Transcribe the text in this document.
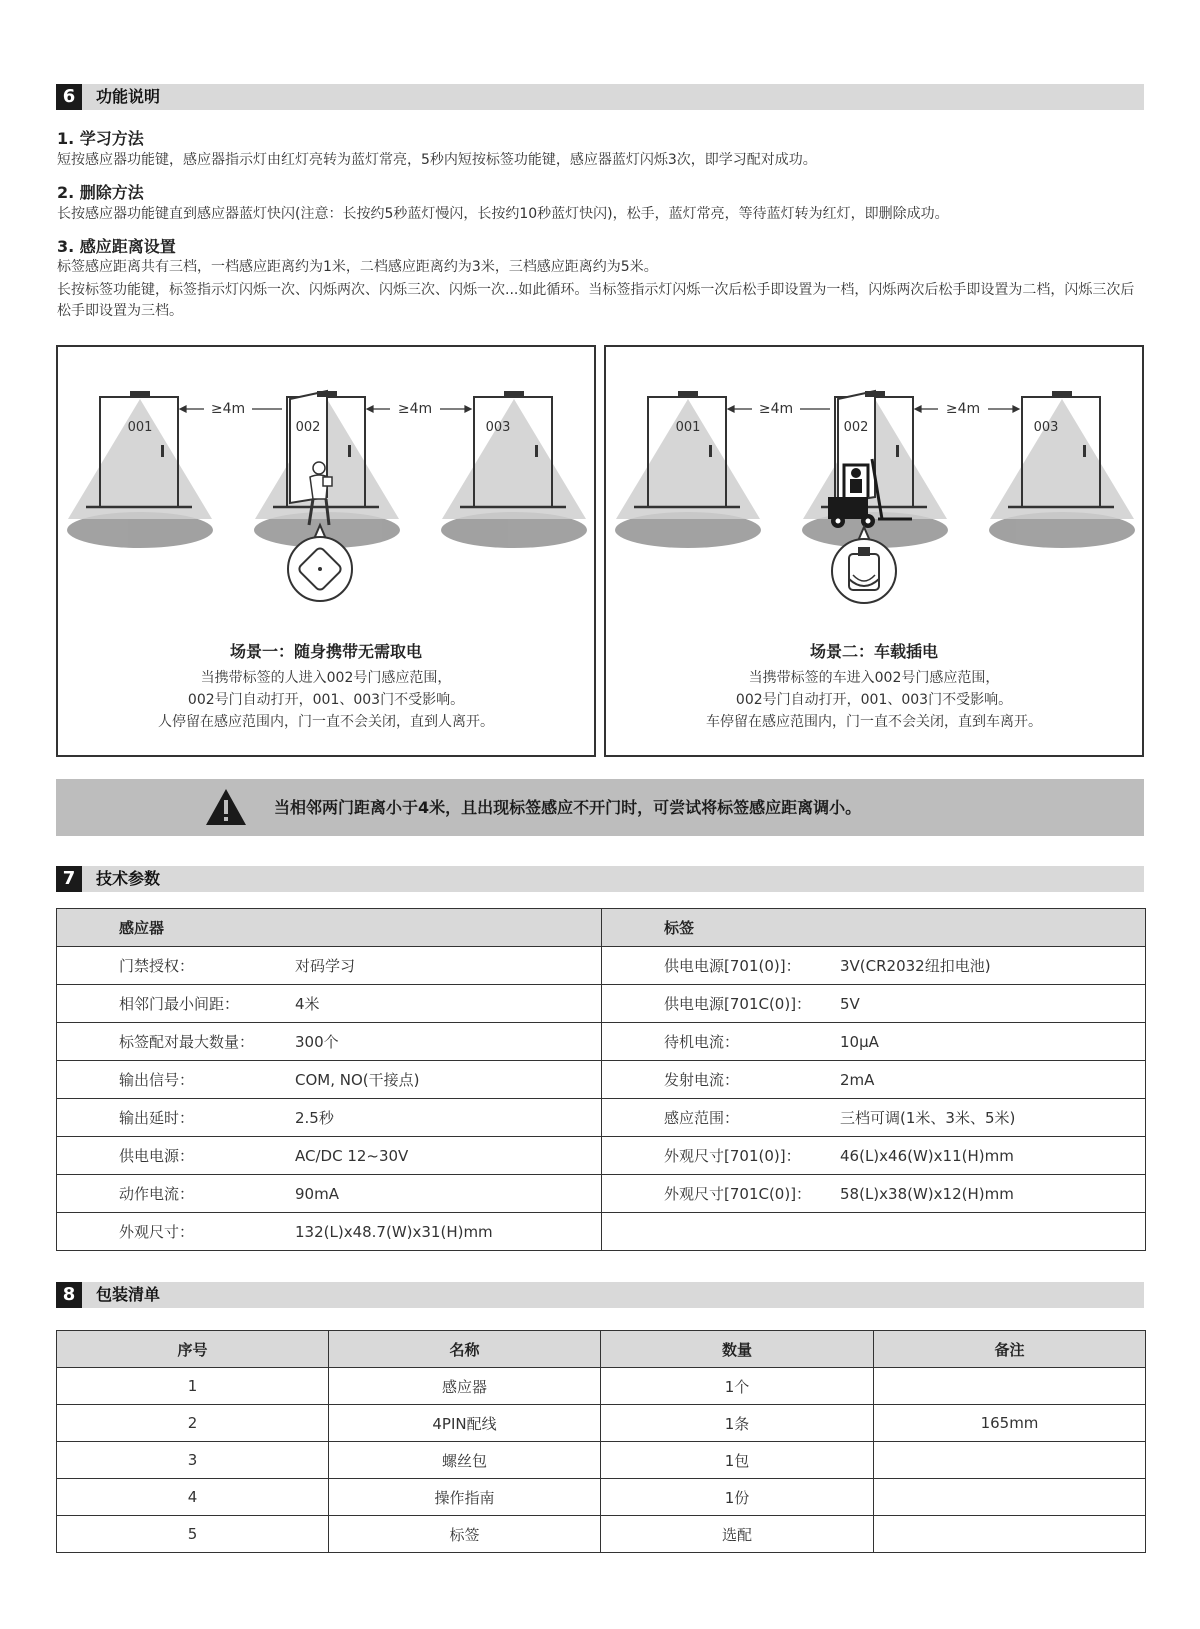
6	功能说明
1. 学习方法
短按感应器功能键，感应器指示灯由红灯亮转为蓝灯常亮，5秒内短按标签功能键，感应器蓝灯闪烁3次，即学习配对成功。
2. 删除方法
长按感应器功能键直到感应器蓝灯快闪(注意：长按约5秒蓝灯慢闪，长按约10秒蓝灯快闪)，松手，蓝灯常亮，等待蓝灯转为红灯，即删除成功。
3. 感应距离设置
标签感应距离共有三档，一档感应距离约为1米，二档感应距离约为3米，三档感应距离约为5米。
长按标签功能键，标签指示灯闪烁一次、闪烁两次、闪烁三次、闪烁一次...如此循环。当标签指示灯闪烁一次后松手即设置为一档，闪烁两次后松手即设置为二档，闪烁三次后松手即设置为三档。
001	002	003
≥4m	≥4m
场景一：随身携带无需取电
当携带标签的人进入002号门感应范围，
002号门自动打开，001、003门不受影响。
人停留在感应范围内，门一直不会关闭，直到人离开。
001	002	003
≥4m	≥4m
场景二：车载插电
当携带标签的车进入002号门感应范围，
002号门自动打开，001、003门不受影响。
车停留在感应范围内，门一直不会关闭，直到车离开。
当相邻两门距离小于4米，且出现标签感应不开门时，可尝试将标签感应距离调小。
7	技术参数
感应器	标签

门禁授权： 对码学习	供电电源[701(0)]： 3V(CR2032纽扣电池)

相邻门最小间距： 4米	供电电源[701C(0)]： 5V

标签配对最大数量： 300个	待机电流： 10μA

输出信号： COM, NO(干接点)	发射电流： 2mA

输出延时： 2.5秒	感应范围： 三档可调(1米、3米、5米)

供电电源： AC/DC 12~30V	外观尺寸[701(0)]： 46(L)x46(W)x11(H)mm

动作电流： 90mA	外观尺寸[701C(0)]： 58(L)x38(W)x12(H)mm

外观尺寸： 132(L)x48.7(W)x31(H)mm	

8	包装清单
序号	名称	数量	备注
1	感应器	1个	
2	4PIN配线	1条	165mm
3	螺丝包	1包	
4	操作指南	1份	
5	标签	选配	
